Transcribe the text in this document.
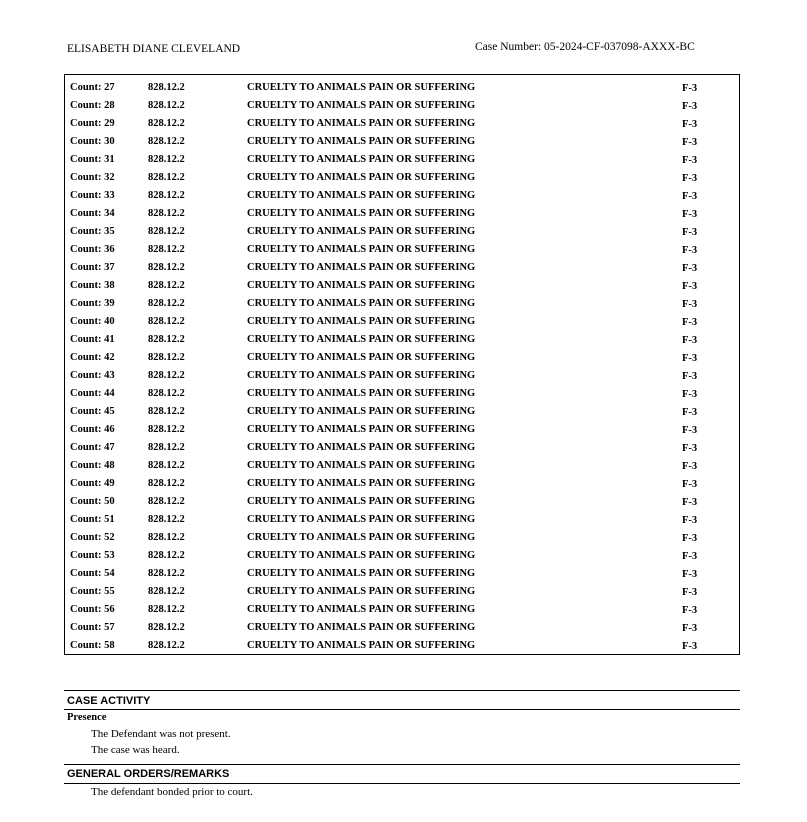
ELISABETH DIANE CLEVELAND	Case Number: 05-2024-CF-037098-AXXX-BC
Count: 27	828.12.2	CRUELTY TO ANIMALS PAIN OR SUFFERING	F-3
Count: 28	828.12.2	CRUELTY TO ANIMALS PAIN OR SUFFERING	F-3
Count: 29	828.12.2	CRUELTY TO ANIMALS PAIN OR SUFFERING	F-3
Count: 30	828.12.2	CRUELTY TO ANIMALS PAIN OR SUFFERING	F-3
Count: 31	828.12.2	CRUELTY TO ANIMALS PAIN OR SUFFERING	F-3
Count: 32	828.12.2	CRUELTY TO ANIMALS PAIN OR SUFFERING	F-3
Count: 33	828.12.2	CRUELTY TO ANIMALS PAIN OR SUFFERING	F-3
Count: 34	828.12.2	CRUELTY TO ANIMALS PAIN OR SUFFERING	F-3
Count: 35	828.12.2	CRUELTY TO ANIMALS PAIN OR SUFFERING	F-3
Count: 36	828.12.2	CRUELTY TO ANIMALS PAIN OR SUFFERING	F-3
Count: 37	828.12.2	CRUELTY TO ANIMALS PAIN OR SUFFERING	F-3
Count: 38	828.12.2	CRUELTY TO ANIMALS PAIN OR SUFFERING	F-3
Count: 39	828.12.2	CRUELTY TO ANIMALS PAIN OR SUFFERING	F-3
Count: 40	828.12.2	CRUELTY TO ANIMALS PAIN OR SUFFERING	F-3
Count: 41	828.12.2	CRUELTY TO ANIMALS PAIN OR SUFFERING	F-3
Count: 42	828.12.2	CRUELTY TO ANIMALS PAIN OR SUFFERING	F-3
Count: 43	828.12.2	CRUELTY TO ANIMALS PAIN OR SUFFERING	F-3
Count: 44	828.12.2	CRUELTY TO ANIMALS PAIN OR SUFFERING	F-3
Count: 45	828.12.2	CRUELTY TO ANIMALS PAIN OR SUFFERING	F-3
Count: 46	828.12.2	CRUELTY TO ANIMALS PAIN OR SUFFERING	F-3
Count: 47	828.12.2	CRUELTY TO ANIMALS PAIN OR SUFFERING	F-3
Count: 48	828.12.2	CRUELTY TO ANIMALS PAIN OR SUFFERING	F-3
Count: 49	828.12.2	CRUELTY TO ANIMALS PAIN OR SUFFERING	F-3
Count: 50	828.12.2	CRUELTY TO ANIMALS PAIN OR SUFFERING	F-3
Count: 51	828.12.2	CRUELTY TO ANIMALS PAIN OR SUFFERING	F-3
Count: 52	828.12.2	CRUELTY TO ANIMALS PAIN OR SUFFERING	F-3
Count: 53	828.12.2	CRUELTY TO ANIMALS PAIN OR SUFFERING	F-3
Count: 54	828.12.2	CRUELTY TO ANIMALS PAIN OR SUFFERING	F-3
Count: 55	828.12.2	CRUELTY TO ANIMALS PAIN OR SUFFERING	F-3
Count: 56	828.12.2	CRUELTY TO ANIMALS PAIN OR SUFFERING	F-3
Count: 57	828.12.2	CRUELTY TO ANIMALS PAIN OR SUFFERING	F-3
Count: 58	828.12.2	CRUELTY TO ANIMALS PAIN OR SUFFERING	F-3
CASE ACTIVITY
Presence
The Defendant was not present.
The case was heard.
GENERAL ORDERS/REMARKS
The defendant bonded prior to court.
